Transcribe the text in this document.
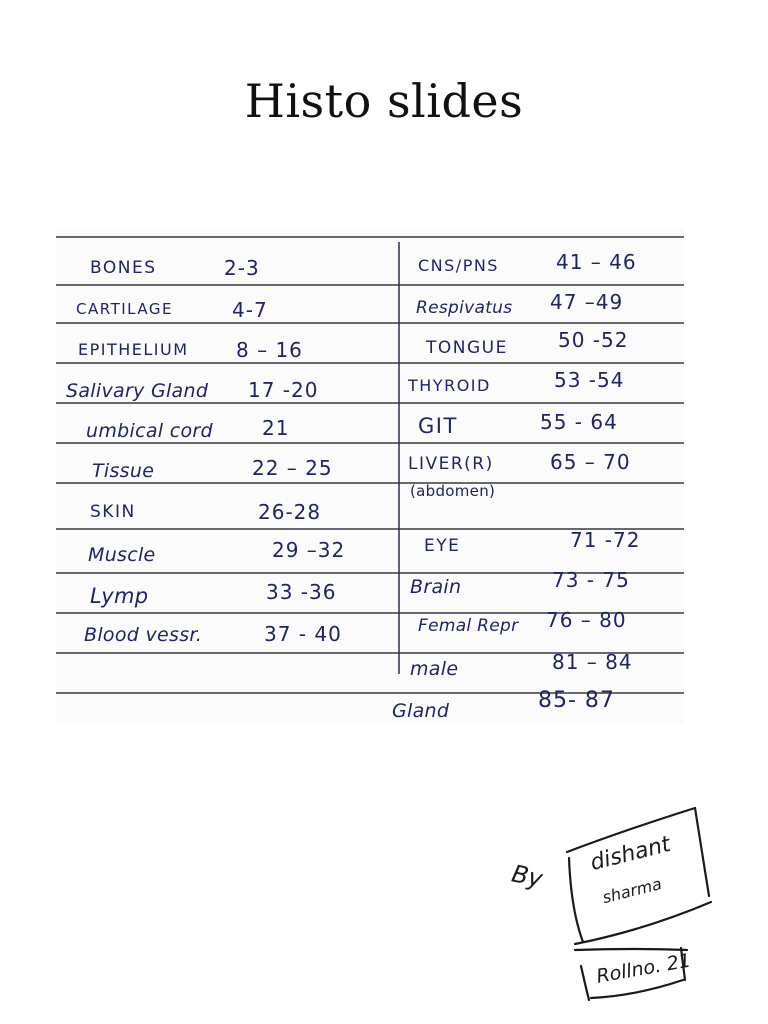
Histo slides
BONES	2-3
CARTILAGE	4-7
EPITHELIUM 8 – 16
Salivary Gland 17 -20
umbical cord 21
Tissue	22 – 25
SKIN	26-28
Muscle	29 –32
Lymp	33 -36
Blood vessr.	37 - 40
CNS/PNS	41 – 46
Respivatus 47 –49
TONGUE	50 -52
THYROID	53 -54
GIT	55 - 64
LIVER(R)	65 – 70
(abdomen)
EYE	71 -72
Brain	73 - 75
Femal Repr 76 – 80
male	81 – 84
Gland	85- 87
By
dishant
sharma
Rollno. 21
